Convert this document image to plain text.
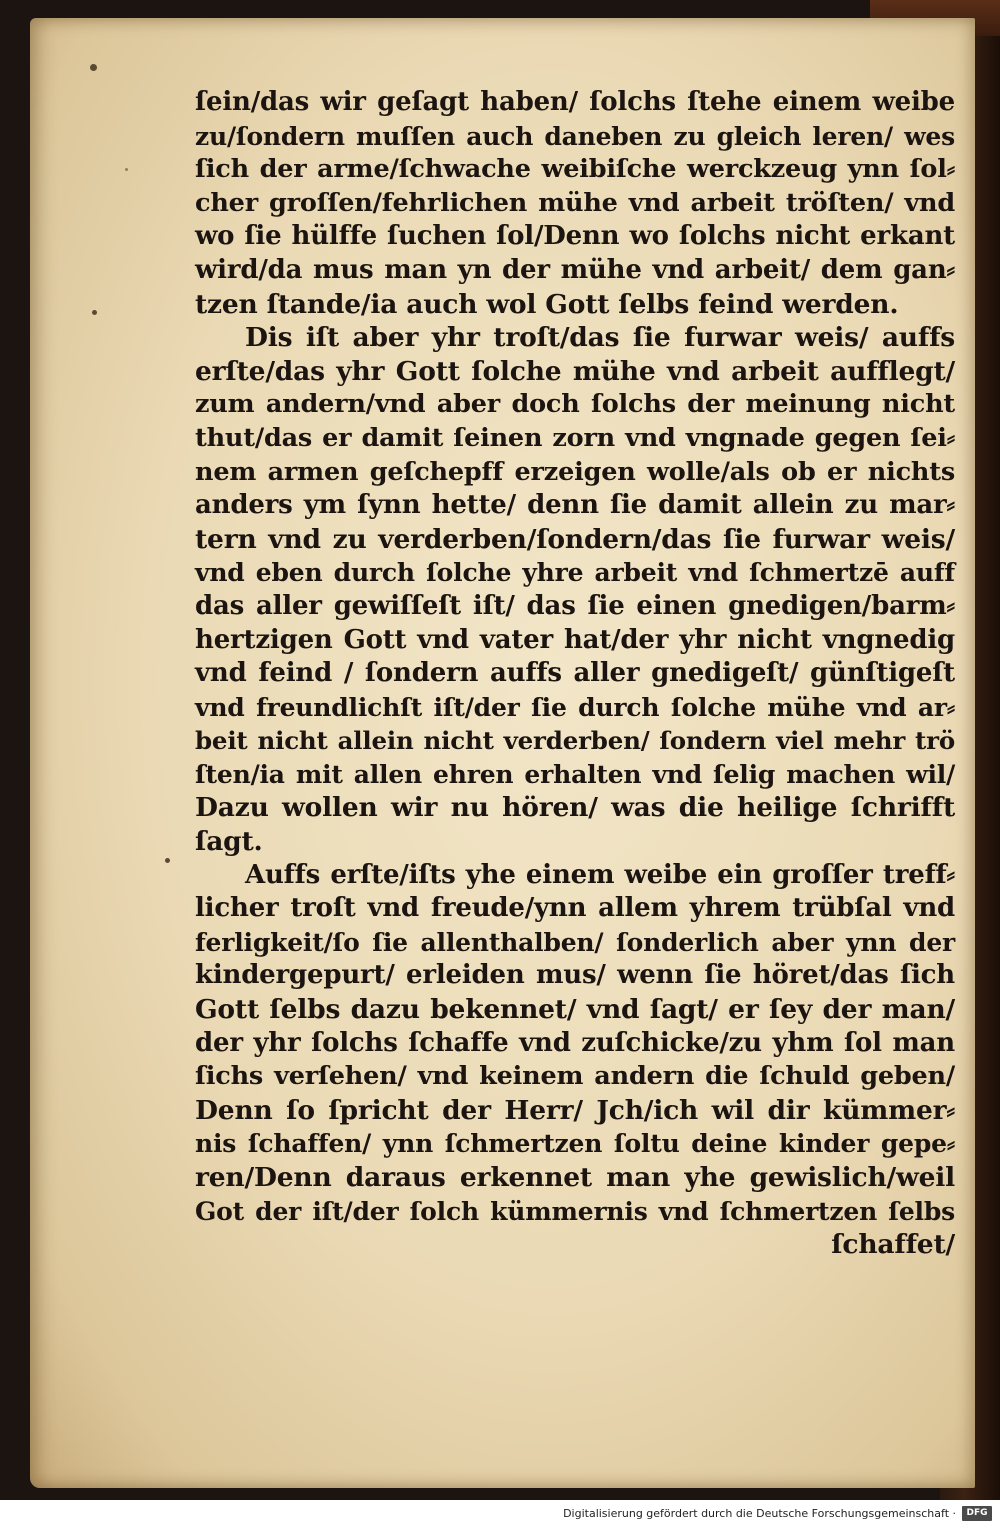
ſein/das wir geſagt haben/ ſolchs ſtehe einem weibe
zu/ſondern muſſen auch daneben zu gleich leren/ wes
ſich der arme/ſchwache weibiſche werckzeug ynn ſol⸗
cher groſſen/fehrlichen mühe vnd arbeit tröſten/ vnd
wo ſie hülffe ſuchen ſol/Denn wo ſolchs nicht erkant
wird/da mus man yn der mühe vnd arbeit/ dem gan⸗
tzen ſtande/ia auch wol Gott ſelbs feind werden.
Dis iſt aber yhr troſt/das ſie furwar weis/ auffs
erſte/das yhr Gott ſolche mühe vnd arbeit aufflegt/
zum andern/vnd aber doch ſolchs der meinung nicht
thut/das er damit ſeinen zorn vnd vngnade gegen ſei⸗
nem armen geſchepff erzeigen wolle/als ob er nichts
anders ym ſynn hette/ denn ſie damit allein zu mar⸗
tern vnd zu verderben/ſondern/das ſie furwar weis/
vnd eben durch ſolche yhre arbeit vnd ſchmertzē auff
das aller gewiſſeſt iſt/ das ſie einen gnedigen/barm⸗
hertzigen Gott vnd vater hat/der yhr nicht vngnedig
vnd feind / ſondern auffs aller gnedigeſt/ günſtigeſt
vnd freundlichſt iſt/der ſie durch ſolche mühe vnd ar⸗
beit nicht allein nicht verderben/ ſondern viel mehr trö
ſten/ia mit allen ehren erhalten vnd ſelig machen wil/
Dazu wollen wir nu hören/ was die heilige ſchrifft
ſagt.
Auffs erſte/iſts yhe einem weibe ein groſſer treff⸗
licher troſt vnd freude/ynn allem yhrem trübſal vnd
ferligkeit/ſo ſie allenthalben/ ſonderlich aber ynn der
kindergepurt/ erleiden mus/ wenn ſie höret/das ſich
Gott ſelbs dazu bekennet/ vnd ſagt/ er ſey der man/
der yhr ſolchs ſchaffe vnd zuſchicke/zu yhm ſol man
ſichs verſehen/ vnd keinem andern die ſchuld geben/
Denn ſo ſpricht der Herr/ Jch/ich wil dir kümmer⸗
nis ſchaffen/ ynn ſchmertzen ſoltu deine kinder gepe⸗
ren/Denn daraus erkennet man yhe gewislich/weil
Got der iſt/der ſolch kümmernis vnd ſchmertzen ſelbs
ſchaffet/
Digitalisierung gefördert durch die Deutsche Forschungsgemeinschaft ·	DFG
